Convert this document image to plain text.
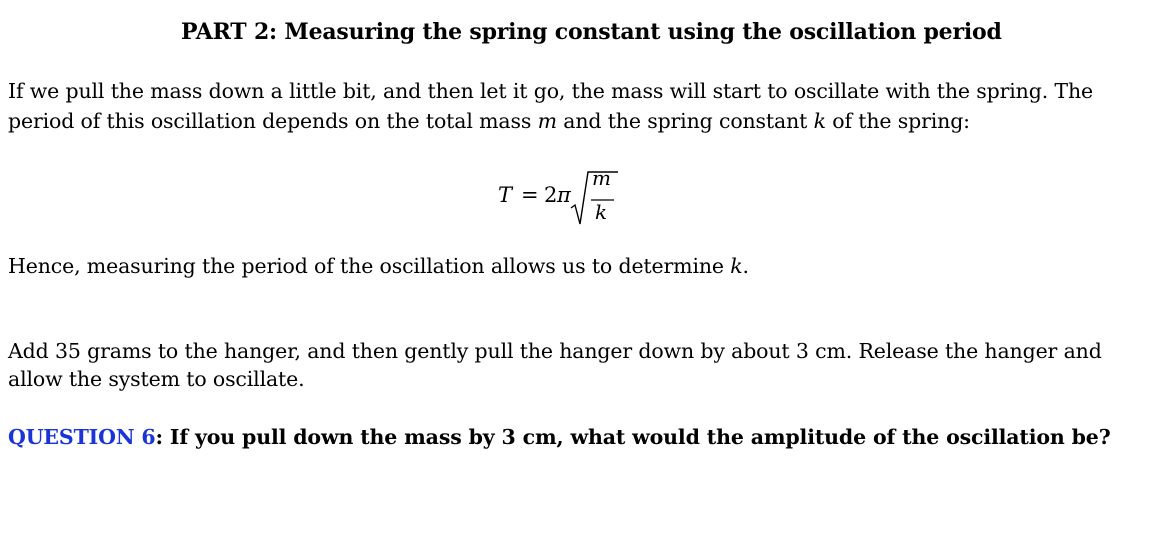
PART 2: Measuring the spring constant using the oscillation period
If we pull the mass down a little bit, and then let it go, the mass will start to oscillate with the spring. The
period of this oscillation depends on the total mass m and the spring constant k of the spring:
T = 2 π
m
k
Hence, measuring the period of the oscillation allows us to determine k.
Add 35 grams to the hanger, and then gently pull the hanger down by about 3 cm. Release the hanger and
allow the system to oscillate.
QUESTION 6: If you pull down the mass by 3 cm, what would the amplitude of the oscillation be?
